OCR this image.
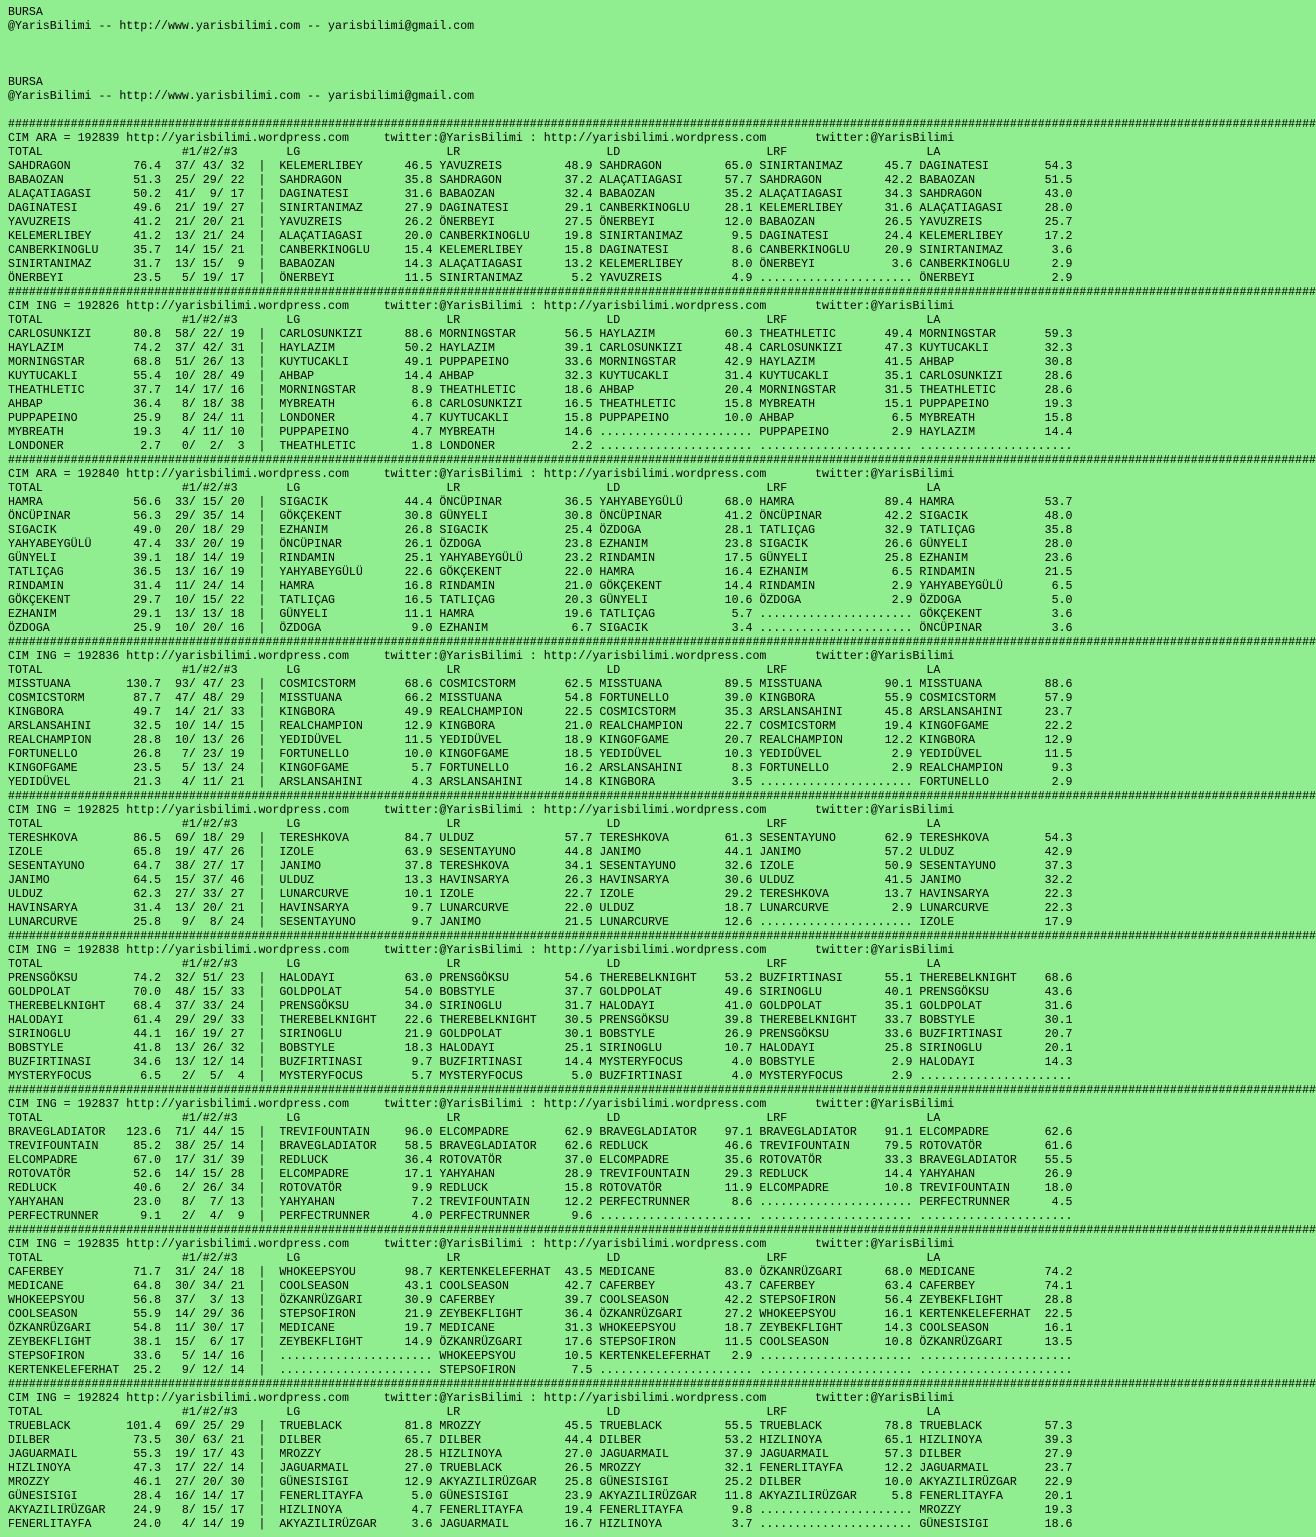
BURSA
@YarisBilimi -- http://www.yarisbilimi.com -- yarisbilimi@gmail.com
BURSA
@YarisBilimi -- http://www.yarisbilimi.com -- yarisbilimi@gmail.com
############################################################################################################################################################################################
CIM ARA = 192839 http://yarisbilimi.wordpress.com     twitter:@YarisBilimi : http://yarisbilimi.wordpress.com       twitter:@YarisBilimi
TOTAL                    #1/#2/#3       LG                     LR                     LD                     LRF                    LA
SAHDRAGON         76.4  37/ 43/ 32  |  KELEMERLIBEY      46.5 YAVUZREIS         48.9 SAHDRAGON         65.0 SINIRTANIMAZ      45.7 DAGINATESI        54.3
BABAOZAN          51.3  25/ 29/ 22  |  SAHDRAGON         35.8 SAHDRAGON         37.2 ALAÇATIAGASI      57.7 SAHDRAGON         42.2 BABAOZAN          51.5
ALAÇATIAGASI      50.2  41/  9/ 17  |  DAGINATESI        31.6 BABAOZAN          32.4 BABAOZAN          35.2 ALAÇATIAGASI      34.3 SAHDRAGON         43.0
DAGINATESI        49.6  21/ 19/ 27  |  SINIRTANIMAZ      27.9 DAGINATESI        29.1 CANBERKINOGLU     28.1 KELEMERLIBEY      31.6 ALAÇATIAGASI      28.0
YAVUZREIS         41.2  21/ 20/ 21  |  YAVUZREIS         26.2 ÖNERBEYI          27.5 ÖNERBEYI          12.0 BABAOZAN          26.5 YAVUZREIS         25.7
KELEMERLIBEY      41.2  13/ 21/ 24  |  ALAÇATIAGASI      20.0 CANBERKINOGLU     19.8 SINIRTANIMAZ       9.5 DAGINATESI        24.4 KELEMERLIBEY      17.2
CANBERKINOGLU     35.7  14/ 15/ 21  |  CANBERKINOGLU     15.4 KELEMERLIBEY      15.8 DAGINATESI         8.6 CANBERKINOGLU     20.9 SINIRTANIMAZ       3.6
SINIRTANIMAZ      31.7  13/ 15/  9  |  BABAOZAN          14.3 ALAÇATIAGASI      13.2 KELEMERLIBEY       8.0 ÖNERBEYI           3.6 CANBERKINOGLU      2.9
ÖNERBEYI          23.5   5/ 19/ 17  |  ÖNERBEYI          11.5 SINIRTANIMAZ       5.2 YAVUZREIS          4.9 ...................... ÖNERBEYI           2.9
############################################################################################################################################################################################
CIM ING = 192826 http://yarisbilimi.wordpress.com     twitter:@YarisBilimi : http://yarisbilimi.wordpress.com       twitter:@YarisBilimi
TOTAL                    #1/#2/#3       LG                     LR                     LD                     LRF                    LA
CARLOSUNKIZI      80.8  58/ 22/ 19  |  CARLOSUNKIZI      88.6 MORNINGSTAR       56.5 HAYLAZIM          60.3 THEATHLETIC       49.4 MORNINGSTAR       59.3
HAYLAZIM          74.2  37/ 42/ 31  |  HAYLAZIM          50.2 HAYLAZIM          39.1 CARLOSUNKIZI      48.4 CARLOSUNKIZI      47.3 KUYTUCAKLI        32.3
MORNINGSTAR       68.8  51/ 26/ 13  |  KUYTUCAKLI        49.1 PUPPAPEINO        33.6 MORNINGSTAR       42.9 HAYLAZIM          41.5 AHBAP             30.8
KUYTUCAKLI        55.4  10/ 28/ 49  |  AHBAP             14.4 AHBAP             32.3 KUYTUCAKLI        31.4 KUYTUCAKLI        35.1 CARLOSUNKIZI      28.6
THEATHLETIC       37.7  14/ 17/ 16  |  MORNINGSTAR        8.9 THEATHLETIC       18.6 AHBAP             20.4 MORNINGSTAR       31.5 THEATHLETIC       28.6
AHBAP             36.4   8/ 18/ 38  |  MYBREATH           6.8 CARLOSUNKIZI      16.5 THEATHLETIC       15.8 MYBREATH          15.1 PUPPAPEINO        19.3
PUPPAPEINO        25.9   8/ 24/ 11  |  LONDONER           4.7 KUYTUCAKLI        15.8 PUPPAPEINO        10.0 AHBAP              6.5 MYBREATH          15.8
MYBREATH          19.3   4/ 11/ 10  |  PUPPAPEINO         4.7 MYBREATH          14.6 ...................... PUPPAPEINO         2.9 HAYLAZIM          14.4
LONDONER           2.7   0/  2/  3  |  THEATHLETIC        1.8 LONDONER           2.2 ...................... ...................... ......................
############################################################################################################################################################################################
CIM ARA = 192840 http://yarisbilimi.wordpress.com     twitter:@YarisBilimi : http://yarisbilimi.wordpress.com       twitter:@YarisBilimi
TOTAL                    #1/#2/#3       LG                     LR                     LD                     LRF                    LA
HAMRA             56.6  33/ 15/ 20  |  SIGACIK           44.4 ÖNCÜPINAR         36.5 YAHYABEYGÜLÜ      68.0 HAMRA             89.4 HAMRA             53.7
ÖNCÜPINAR         56.3  29/ 35/ 14  |  GÖKÇEKENT         30.8 GÜNYELI           30.8 ÖNCÜPINAR         41.2 ÖNCÜPINAR         42.2 SIGACIK           48.0
SIGACIK           49.0  20/ 18/ 29  |  EZHANIM           26.8 SIGACIK           25.4 ÖZDOGA            28.1 TATLIÇAG          32.9 TATLIÇAG          35.8
YAHYABEYGÜLÜ      47.4  33/ 20/ 19  |  ÖNCÜPINAR         26.1 ÖZDOGA            23.8 EZHANIM           23.8 SIGACIK           26.6 GÜNYELI           28.0
GÜNYELI           39.1  18/ 14/ 19  |  RINDAMIN          25.1 YAHYABEYGÜLÜ      23.2 RINDAMIN          17.5 GÜNYELI           25.8 EZHANIM           23.6
TATLIÇAG          36.5  13/ 16/ 19  |  YAHYABEYGÜLÜ      22.6 GÖKÇEKENT         22.0 HAMRA             16.4 EZHANIM            6.5 RINDAMIN          21.5
RINDAMIN          31.4  11/ 24/ 14  |  HAMRA             16.8 RINDAMIN          21.0 GÖKÇEKENT         14.4 RINDAMIN           2.9 YAHYABEYGÜLÜ       6.5
GÖKÇEKENT         29.7  10/ 15/ 22  |  TATLIÇAG          16.5 TATLIÇAG          20.3 GÜNYELI           10.6 ÖZDOGA             2.9 ÖZDOGA             5.0
EZHANIM           29.1  13/ 13/ 18  |  GÜNYELI           11.1 HAMRA             19.6 TATLIÇAG           5.7 ...................... GÖKÇEKENT          3.6
ÖZDOGA            25.9  10/ 20/ 16  |  ÖZDOGA             9.0 EZHANIM            6.7 SIGACIK            3.4 ...................... ÖNCÜPINAR          3.6
############################################################################################################################################################################################
CIM ING = 192836 http://yarisbilimi.wordpress.com     twitter:@YarisBilimi : http://yarisbilimi.wordpress.com       twitter:@YarisBilimi
TOTAL                    #1/#2/#3       LG                     LR                     LD                     LRF                    LA
MISSTUANA        130.7  93/ 47/ 23  |  COSMICSTORM       68.6 COSMICSTORM       62.5 MISSTUANA         89.5 MISSTUANA         90.1 MISSTUANA         88.6
COSMICSTORM       87.7  47/ 48/ 29  |  MISSTUANA         66.2 MISSTUANA         54.8 FORTUNELLO        39.0 KINGBORA          55.9 COSMICSTORM       57.9
KINGBORA          49.7  14/ 21/ 33  |  KINGBORA          49.9 REALCHAMPION      22.5 COSMICSTORM       35.3 ARSLANSAHINI      45.8 ARSLANSAHINI      23.7
ARSLANSAHINI      32.5  10/ 14/ 15  |  REALCHAMPION      12.9 KINGBORA          21.0 REALCHAMPION      22.7 COSMICSTORM       19.4 KINGOFGAME        22.2
REALCHAMPION      28.8  10/ 13/ 26  |  YEDIDÜVEL         11.5 YEDIDÜVEL         18.9 KINGOFGAME        20.7 REALCHAMPION      12.2 KINGBORA          12.9
FORTUNELLO        26.8   7/ 23/ 19  |  FORTUNELLO        10.0 KINGOFGAME        18.5 YEDIDÜVEL         10.3 YEDIDÜVEL          2.9 YEDIDÜVEL         11.5
KINGOFGAME        23.5   5/ 13/ 24  |  KINGOFGAME         5.7 FORTUNELLO        16.2 ARSLANSAHINI       8.3 FORTUNELLO         2.9 REALCHAMPION       9.3
YEDIDÜVEL         21.3   4/ 11/ 21  |  ARSLANSAHINI       4.3 ARSLANSAHINI      14.8 KINGBORA           3.5 ...................... FORTUNELLO         2.9
############################################################################################################################################################################################
CIM ING = 192825 http://yarisbilimi.wordpress.com     twitter:@YarisBilimi : http://yarisbilimi.wordpress.com       twitter:@YarisBilimi
TOTAL                    #1/#2/#3       LG                     LR                     LD                     LRF                    LA
TERESHKOVA        86.5  69/ 18/ 29  |  TERESHKOVA        84.7 ULDUZ             57.7 TERESHKOVA        61.3 SESENTAYUNO       62.9 TERESHKOVA        54.3
IZOLE             65.8  19/ 47/ 26  |  IZOLE             63.9 SESENTAYUNO       44.8 JANIMO            44.1 JANIMO            57.2 ULDUZ             42.9
SESENTAYUNO       64.7  38/ 27/ 17  |  JANIMO            37.8 TERESHKOVA        34.1 SESENTAYUNO       32.6 IZOLE             50.9 SESENTAYUNO       37.3
JANIMO            64.5  15/ 37/ 46  |  ULDUZ             13.3 HAVINSARYA        26.3 HAVINSARYA        30.6 ULDUZ             41.5 JANIMO            32.2
ULDUZ             62.3  27/ 33/ 27  |  LUNARCURVE        10.1 IZOLE             22.7 IZOLE             29.2 TERESHKOVA        13.7 HAVINSARYA        22.3
HAVINSARYA        31.4  13/ 20/ 21  |  HAVINSARYA         9.7 LUNARCURVE        22.0 ULDUZ             18.7 LUNARCURVE         2.9 LUNARCURVE        22.3
LUNARCURVE        25.8   9/  8/ 24  |  SESENTAYUNO        9.7 JANIMO            21.5 LUNARCURVE        12.6 ...................... IZOLE             17.9
############################################################################################################################################################################################
CIM ING = 192838 http://yarisbilimi.wordpress.com     twitter:@YarisBilimi : http://yarisbilimi.wordpress.com       twitter:@YarisBilimi
TOTAL                    #1/#2/#3       LG                     LR                     LD                     LRF                    LA
PRENSGÖKSU        74.2  32/ 51/ 23  |  HALODAYI          63.0 PRENSGÖKSU        54.6 THEREBELKNIGHT    53.2 BUZFIRTINASI      55.1 THEREBELKNIGHT    68.6
GOLDPOLAT         70.0  48/ 15/ 33  |  GOLDPOLAT         54.0 BOBSTYLE          37.7 GOLDPOLAT         49.6 SIRINOGLU         40.1 PRENSGÖKSU        43.6
THEREBELKNIGHT    68.4  37/ 33/ 24  |  PRENSGÖKSU        34.0 SIRINOGLU         31.7 HALODAYI          41.0 GOLDPOLAT         35.1 GOLDPOLAT         31.6
HALODAYI          61.4  29/ 29/ 33  |  THEREBELKNIGHT    22.6 THEREBELKNIGHT    30.5 PRENSGÖKSU        39.8 THEREBELKNIGHT    33.7 BOBSTYLE          30.1
SIRINOGLU         44.1  16/ 19/ 27  |  SIRINOGLU         21.9 GOLDPOLAT         30.1 BOBSTYLE          26.9 PRENSGÖKSU        33.6 BUZFIRTINASI      20.7
BOBSTYLE          41.8  13/ 26/ 32  |  BOBSTYLE          18.3 HALODAYI          25.1 SIRINOGLU         10.7 HALODAYI          25.8 SIRINOGLU         20.1
BUZFIRTINASI      34.6  13/ 12/ 14  |  BUZFIRTINASI       9.7 BUZFIRTINASI      14.4 MYSTERYFOCUS       4.0 BOBSTYLE           2.9 HALODAYI          14.3
MYSTERYFOCUS       6.5   2/  5/  4  |  MYSTERYFOCUS       5.7 MYSTERYFOCUS       5.0 BUZFIRTINASI       4.0 MYSTERYFOCUS       2.9 ......................
############################################################################################################################################################################################
CIM ING = 192837 http://yarisbilimi.wordpress.com     twitter:@YarisBilimi : http://yarisbilimi.wordpress.com       twitter:@YarisBilimi
TOTAL                    #1/#2/#3       LG                     LR                     LD                     LRF                    LA
BRAVEGLADIATOR   123.6  71/ 44/ 15  |  TREVIFOUNTAIN     96.0 ELCOMPADRE        62.9 BRAVEGLADIATOR    97.1 BRAVEGLADIATOR    91.1 ELCOMPADRE        62.6
TREVIFOUNTAIN     85.2  38/ 25/ 14  |  BRAVEGLADIATOR    58.5 BRAVEGLADIATOR    62.6 REDLUCK           46.6 TREVIFOUNTAIN     79.5 ROTOVATÖR         61.6
ELCOMPADRE        67.0  17/ 31/ 39  |  REDLUCK           36.4 ROTOVATÖR         37.0 ELCOMPADRE        35.6 ROTOVATÖR         33.3 BRAVEGLADIATOR    55.5
ROTOVATÖR         52.6  14/ 15/ 28  |  ELCOMPADRE        17.1 YAHYAHAN          28.9 TREVIFOUNTAIN     29.3 REDLUCK           14.4 YAHYAHAN          26.9
REDLUCK           40.6   2/ 26/ 34  |  ROTOVATÖR          9.9 REDLUCK           15.8 ROTOVATÖR         11.9 ELCOMPADRE        10.8 TREVIFOUNTAIN     18.0
YAHYAHAN          23.0   8/  7/ 13  |  YAHYAHAN           7.2 TREVIFOUNTAIN     12.2 PERFECTRUNNER      8.6 ...................... PERFECTRUNNER      4.5
PERFECTRUNNER      9.1   2/  4/  9  |  PERFECTRUNNER      4.0 PERFECTRUNNER      9.6 ...................... ...................... ......................
############################################################################################################################################################################################
CIM ING = 192835 http://yarisbilimi.wordpress.com     twitter:@YarisBilimi : http://yarisbilimi.wordpress.com       twitter:@YarisBilimi
TOTAL                    #1/#2/#3       LG                     LR                     LD                     LRF                    LA
CAFERBEY          71.7  31/ 24/ 18  |  WHOKEEPSYOU       98.7 KERTENKELEFERHAT  43.5 MEDICANE          83.0 ÖZKANRÜZGARI      68.0 MEDICANE          74.2
MEDICANE          64.8  30/ 34/ 21  |  COOLSEASON        43.1 COOLSEASON        42.7 CAFERBEY          43.7 CAFERBEY          63.4 CAFERBEY          74.1
WHOKEEPSYOU       56.8  37/  3/ 13  |  ÖZKANRÜZGARI      30.9 CAFERBEY          39.7 COOLSEASON        42.2 STEPSOFIRON       56.4 ZEYBEKFLIGHT      28.8
COOLSEASON        55.9  14/ 29/ 36  |  STEPSOFIRON       21.9 ZEYBEKFLIGHT      36.4 ÖZKANRÜZGARI      27.2 WHOKEEPSYOU       16.1 KERTENKELEFERHAT  22.5
ÖZKANRÜZGARI      54.8  11/ 30/ 17  |  MEDICANE          19.7 MEDICANE          31.3 WHOKEEPSYOU       18.7 ZEYBEKFLIGHT      14.3 COOLSEASON        16.1
ZEYBEKFLIGHT      38.1  15/  6/ 17  |  ZEYBEKFLIGHT      14.9 ÖZKANRÜZGARI      17.6 STEPSOFIRON       11.5 COOLSEASON        10.8 ÖZKANRÜZGARI      13.5
STEPSOFIRON       33.6   5/ 14/ 16  |  ...................... WHOKEEPSYOU       10.5 KERTENKELEFERHAT   2.9 ...................... ......................
KERTENKELEFERHAT  25.2   9/ 12/ 14  |  ...................... STEPSOFIRON        7.5 ...................... ...................... ......................
############################################################################################################################################################################################
CIM ING = 192824 http://yarisbilimi.wordpress.com     twitter:@YarisBilimi : http://yarisbilimi.wordpress.com       twitter:@YarisBilimi
TOTAL                    #1/#2/#3       LG                     LR                     LD                     LRF                    LA
TRUEBLACK        101.4  69/ 25/ 29  |  TRUEBLACK         81.8 MROZZY            45.5 TRUEBLACK         55.5 TRUEBLACK         78.8 TRUEBLACK         57.3
DILBER            73.5  30/ 63/ 21  |  DILBER            65.7 DILBER            44.4 DILBER            53.2 HIZLINOYA         65.1 HIZLINOYA         39.3
JAGUARMAIL        55.3  19/ 17/ 43  |  MROZZY            28.5 HIZLINOYA         27.0 JAGUARMAIL        37.9 JAGUARMAIL        57.3 DILBER            27.9
HIZLINOYA         47.3  17/ 22/ 14  |  JAGUARMAIL        27.0 TRUEBLACK         26.5 MROZZY            32.1 FENERLITAYFA      12.2 JAGUARMAIL        23.7
MROZZY            46.1  27/ 20/ 30  |  GÜNESISIGI        12.9 AKYAZILIRÜZGAR    25.8 GÜNESISIGI        25.2 DILBER            10.0 AKYAZILIRÜZGAR    22.9
GÜNESISIGI        28.4  16/ 14/ 17  |  FENERLITAYFA       5.0 GÜNESISIGI        23.9 AKYAZILIRÜZGAR    11.8 AKYAZILIRÜZGAR     5.8 FENERLITAYFA      20.1
AKYAZILIRÜZGAR    24.9   8/ 15/ 17  |  HIZLINOYA          4.7 FENERLITAYFA      19.4 FENERLITAYFA       9.8 ...................... MROZZY            19.3
FENERLITAYFA      24.0   4/ 14/ 19  |  AKYAZILIRÜZGAR     3.6 JAGUARMAIL        16.7 HIZLINOYA          3.7 ...................... GÜNESISIGI        18.6
